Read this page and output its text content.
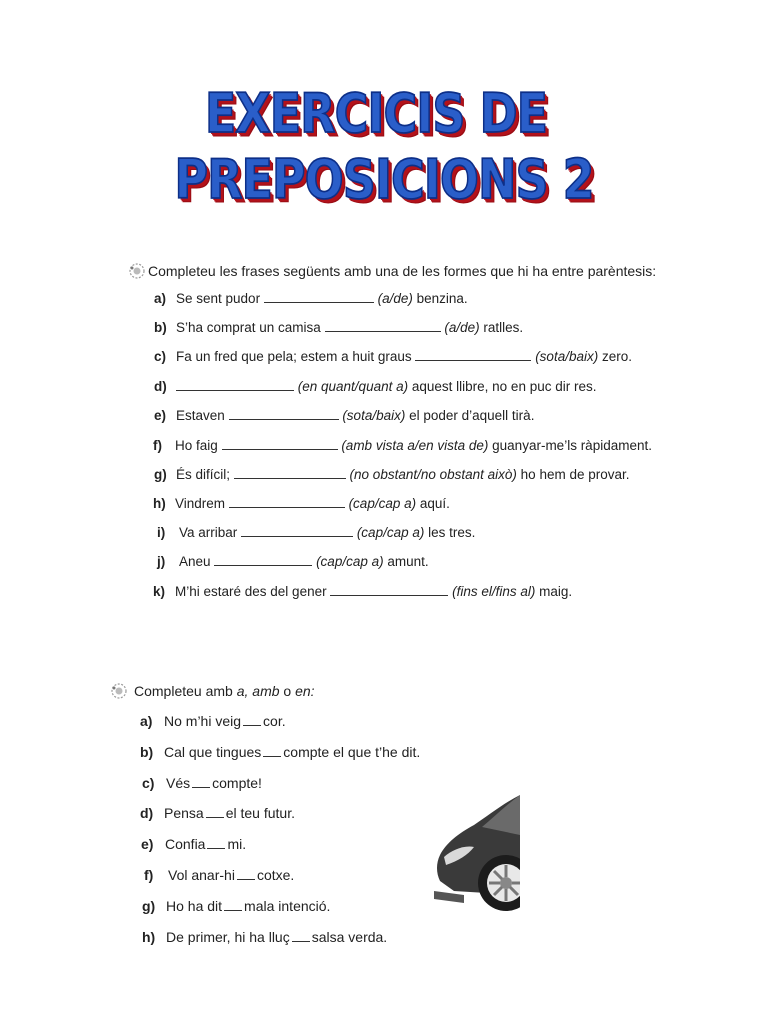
EXERCICIS DE
PREPOSICIONS 2
Completeu les frases següents amb una de les formes que hi ha entre parèntesis:
a) Se sent pudor	(a/de) benzina.
b) S’ha comprat un camisa	(a/de) ratlles.
c) Fa un fred que pela; estem a huit graus	(sota/baix) zero.
d)	(en quant/quant a) aquest llibre, no en puc dir res.
e) Estaven	(sota/baix) el poder d’aquell tirà.
f) Ho faig	(amb vista a/en vista de) guanyar-me’ls ràpidament.
g) És difícil;	(no obstant/no obstant això) ho hem de provar.
h) Vindrem	(cap/cap a) aquí.
i) Va arribar	(cap/cap a) les tres.
j) Aneu	(cap/cap a) amunt.
k) M’hi estaré des del gener	(fins el/fins al) maig.
Completeu amb
a, amb
o
en:
a) No m’hi veig cor.
b) Cal que tingues compte el que t’he dit.
c) Vés compte!
d) Pensa el teu futur.
e) Confia mi.
f) Vol anar-hi cotxe.
g) Ho ha dit mala intenció.
h) De primer, hi ha lluç salsa verda.
